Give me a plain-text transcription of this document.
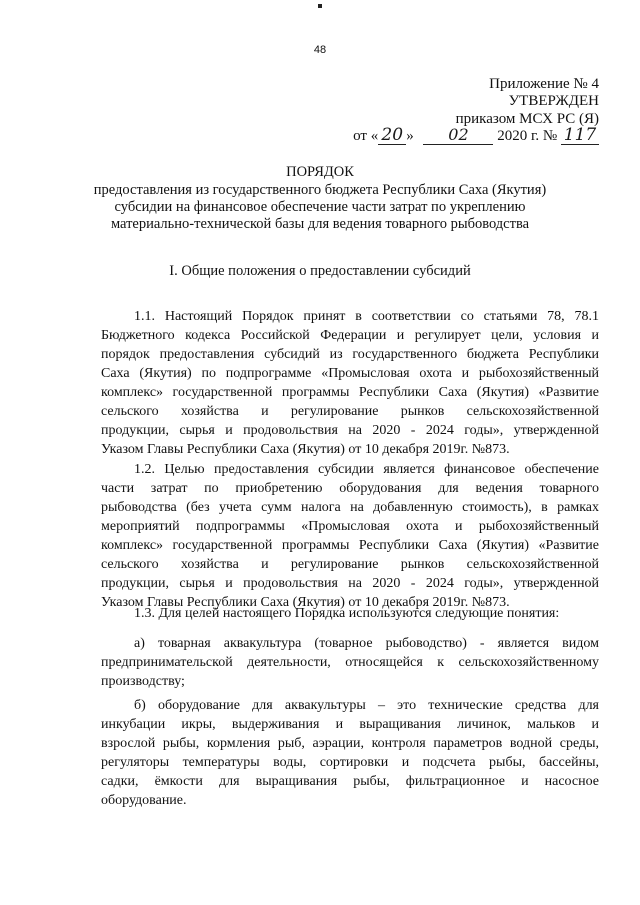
48
Приложение № 4
УТВЕРЖДЕН
приказом МСХ РС (Я)
от « 20 » 02 2020 г. № 117
ПОРЯДОК
предоставления из государственного бюджета Республики Саха (Якутия)
субсидии на финансовое обеспечение части затрат по укреплению
материально-технической базы для ведения товарного рыбоводства
I. Общие положения о предоставлении субсидий
1.1. Настоящий Порядок принят в соответствии со статьями 78, 78.1
Бюджетного кодекса Российской Федерации и регулирует цели, условия и
порядок предоставления субсидий из государственного бюджета Республики
Саха (Якутия) по подпрограмме «Промысловая охота и рыбохозяйственный
комплекс» государственной программы Республики Саха (Якутия) «Развитие
сельского хозяйства и регулирование рынков сельскохозяйственной
продукции, сырья и продовольствия на 2020 - 2024 годы», утвержденной
Указом Главы Республики Саха (Якутия) от 10 декабря 2019г. №873.
1.2. Целью предоставления субсидии является финансовое обеспечение
части затрат по приобретению оборудования для ведения товарного
рыбоводства (без учета сумм налога на добавленную стоимость), в рамках
мероприятий подпрограммы «Промысловая охота и рыбохозяйственный
комплекс» государственной программы Республики Саха (Якутия) «Развитие
сельского хозяйства и регулирование рынков сельскохозяйственной
продукции, сырья и продовольствия на 2020 - 2024 годы», утвержденной
Указом Главы Республики Саха (Якутия) от 10 декабря 2019г. №873.
1.3. Для целей настоящего Порядка используются следующие понятия:
а) товарная аквакультура (товарное рыбоводство) - является видом
предпринимательской деятельности, относящейся к сельскохозяйственному
производству;
б) оборудование для аквакультуры – это технические средства для
инкубации икры, выдерживания и выращивания личинок, мальков и
взрослой рыбы, кормления рыб, аэрации, контроля параметров водной среды,
регуляторы температуры воды, сортировки и подсчета рыбы, бассейны,
садки, ёмкости для выращивания рыбы, фильтрационное и насосное
оборудование.
